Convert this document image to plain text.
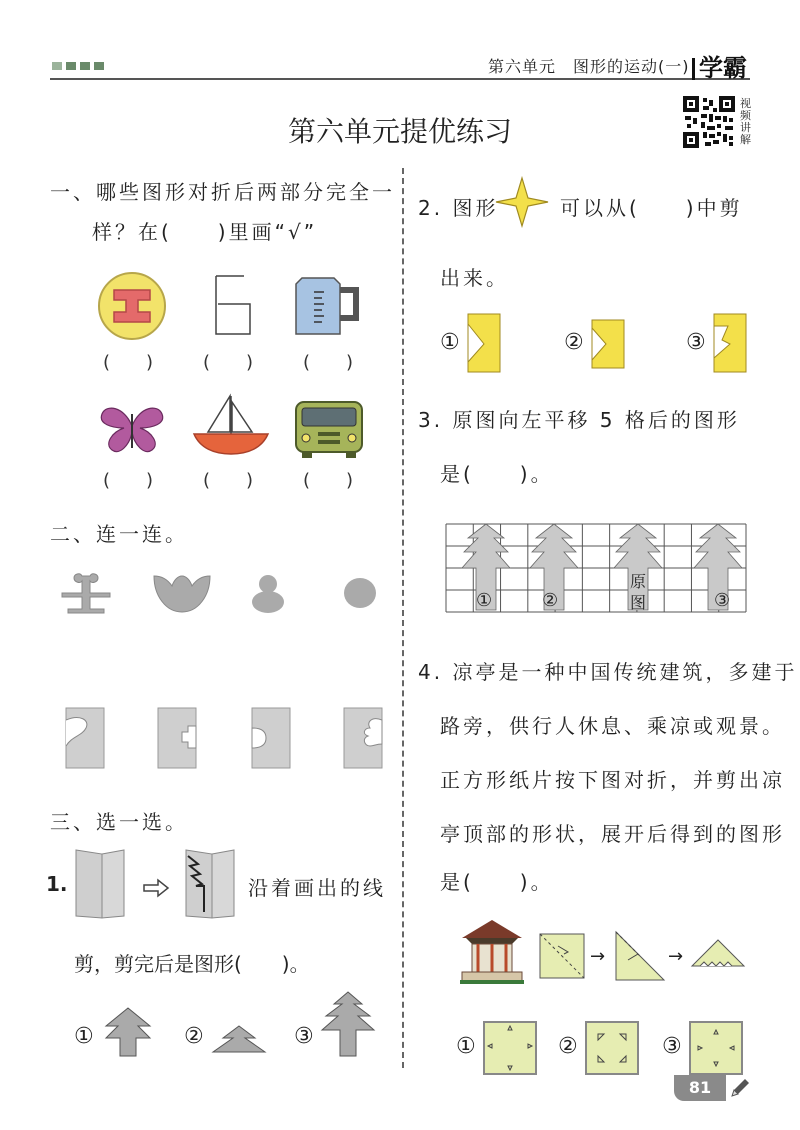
第六单元　图形的运动(一) 学霸
第六单元提优练习
视频讲解
一、哪些图形对折后两部分完全一
样？在(　　)里画“√”
(　　)	(　　)	(　　)
(　　)	(　　)	(　　)
二、连一连。
三、选一选。
1.	沿着画出的线
剪，剪完后是图形(　　)。
①	②	③
2. 图形	可以从(　　)中剪
出来。
①	②	③
3. 原图向左平移 5 格后的图形
是(　　)。
①	②
原
图	③
4. 凉亭是一种中国传统建筑，多建于
路旁，供行人休息、乘凉或观景。
正方形纸片按下图对折，并剪出凉
亭顶部的形状，展开后得到的图形
是(　　)。
→	→
①	②	③
81
